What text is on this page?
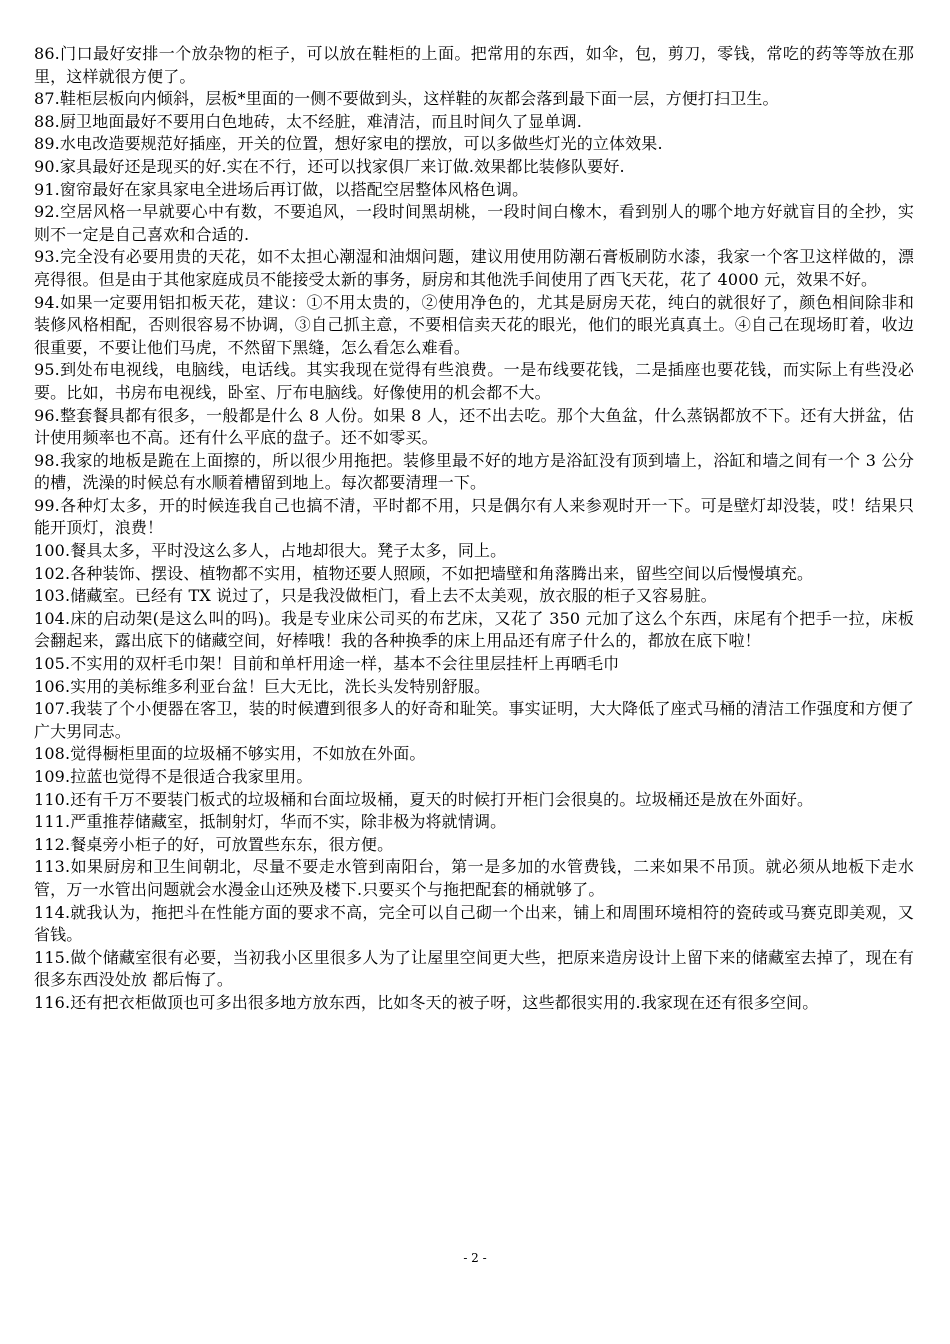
86.门口最好安排一个放杂物的柜子，可以放在鞋柜的上面。把常用的东西，如伞，包，剪刀，零钱，常吃的药等等放在那里，这样就很方便了。

87.鞋柜层板向内倾斜，层板*里面的一侧不要做到头，这样鞋的灰都会落到最下面一层，方便打扫卫生。

88.厨卫地面最好不要用白色地砖，太不经脏，难清洁，而且时间久了显单调.

89.水电改造要规范好插座，开关的位置，想好家电的摆放，可以多做些灯光的立体效果.

90.家具最好还是现买的好.实在不行，还可以找家俱厂来订做.效果都比装修队要好.

91.窗帘最好在家具家电全进场后再订做，以搭配空居整体风格色调。

92.空居风格一早就要心中有数，不要追风，一段时间黑胡桃，一段时间白橡木，看到别人的哪个地方好就盲目的全抄，实则不一定是自己喜欢和合适的.

93.完全没有必要用贵的天花，如不太担心潮湿和油烟问题，建议用使用防潮石膏板刷防水漆，我家一个客卫这样做的，漂亮得很。但是由于其他家庭成员不能接受太新的事务，厨房和其他洗手间使用了西飞天花，花了 4000 元，效果不好。

94.如果一定要用铝扣板天花，建议：①不用太贵的，②使用净色的，尤其是厨房天花，纯白的就很好了，颜色相间除非和装修风格相配，否则很容易不协调，③自己抓主意，不要相信卖天花的眼光，他们的眼光真真土。④自己在现场盯着，收边很重要，不要让他们马虎，不然留下黑缝，怎么看怎么难看。

95.到处布电视线，电脑线，电话线。其实我现在觉得有些浪费。一是布线要花钱，二是插座也要花钱，而实际上有些没必要。比如，书房布电视线，卧室、厅布电脑线。好像使用的机会都不大。

96.整套餐具都有很多，一般都是什么 8 人份。如果 8 人，还不出去吃。那个大鱼盆，什么蒸锅都放不下。还有大拼盆，估计使用频率也不高。还有什么平底的盘子。还不如零买。

98.我家的地板是跪在上面擦的，所以很少用拖把。装修里最不好的地方是浴缸没有顶到墙上，浴缸和墙之间有一个 3 公分的槽，洗澡的时候总有水顺着槽留到地上。每次都要清理一下。

99.各种灯太多，开的时候连我自己也搞不清，平时都不用，只是偶尔有人来参观时开一下。可是壁灯却没装，哎！结果只能开顶灯，浪费！

100.餐具太多，平时没这么多人，占地却很大。凳子太多，同上。

102.各种装饰、摆设、植物都不实用，植物还要人照顾，不如把墙壁和角落腾出来，留些空间以后慢慢填充。

103.储藏室。已经有 TX 说过了，只是我没做柜门，看上去不太美观，放衣服的柜子又容易脏。

104.床的启动架(是这么叫的吗)。我是专业床公司买的布艺床，又花了 350 元加了这么个东西，床尾有个把手一拉，床板会翻起来，露出底下的储藏空间，好棒哦！我的各种换季的床上用品还有席子什么的，都放在底下啦！

105.不实用的双杆毛巾架！目前和单杆用途一样，基本不会往里层挂杆上再晒毛巾

106.实用的美标维多利亚台盆！巨大无比，洗长头发特别舒服。

107.我装了个小便器在客卫，装的时候遭到很多人的好奇和耻笑。事实证明，大大降低了座式马桶的清洁工作强度和方便了广大男同志。

108.觉得橱柜里面的垃圾桶不够实用，不如放在外面。

109.拉蓝也觉得不是很适合我家里用。

110.还有千万不要装门板式的垃圾桶和台面垃圾桶，夏天的时候打开柜门会很臭的。垃圾桶还是放在外面好。

111.严重推荐储藏室，抵制射灯，华而不实，除非极为将就情调。

112.餐桌旁小柜子的好，可放置些东东，很方便。

113.如果厨房和卫生间朝北，尽量不要走水管到南阳台，第一是多加的水管费钱，二来如果不吊顶。就必须从地板下走水管，万一水管出问题就会水漫金山还殃及楼下.只要买个与拖把配套的桶就够了。

114.就我认为，拖把斗在性能方面的要求不高，完全可以自己砌一个出来，铺上和周围环境相符的瓷砖或马赛克即美观，又省钱。

115.做个储藏室很有必要，当初我小区里很多人为了让屋里空间更大些，把原来造房设计上留下来的储藏室去掉了，现在有很多东西没处放 都后悔了。

116.还有把衣柜做顶也可多出很多地方放东西，比如冬天的被子呀，这些都很实用的.我家现在还有很多空间。

- 2 -
